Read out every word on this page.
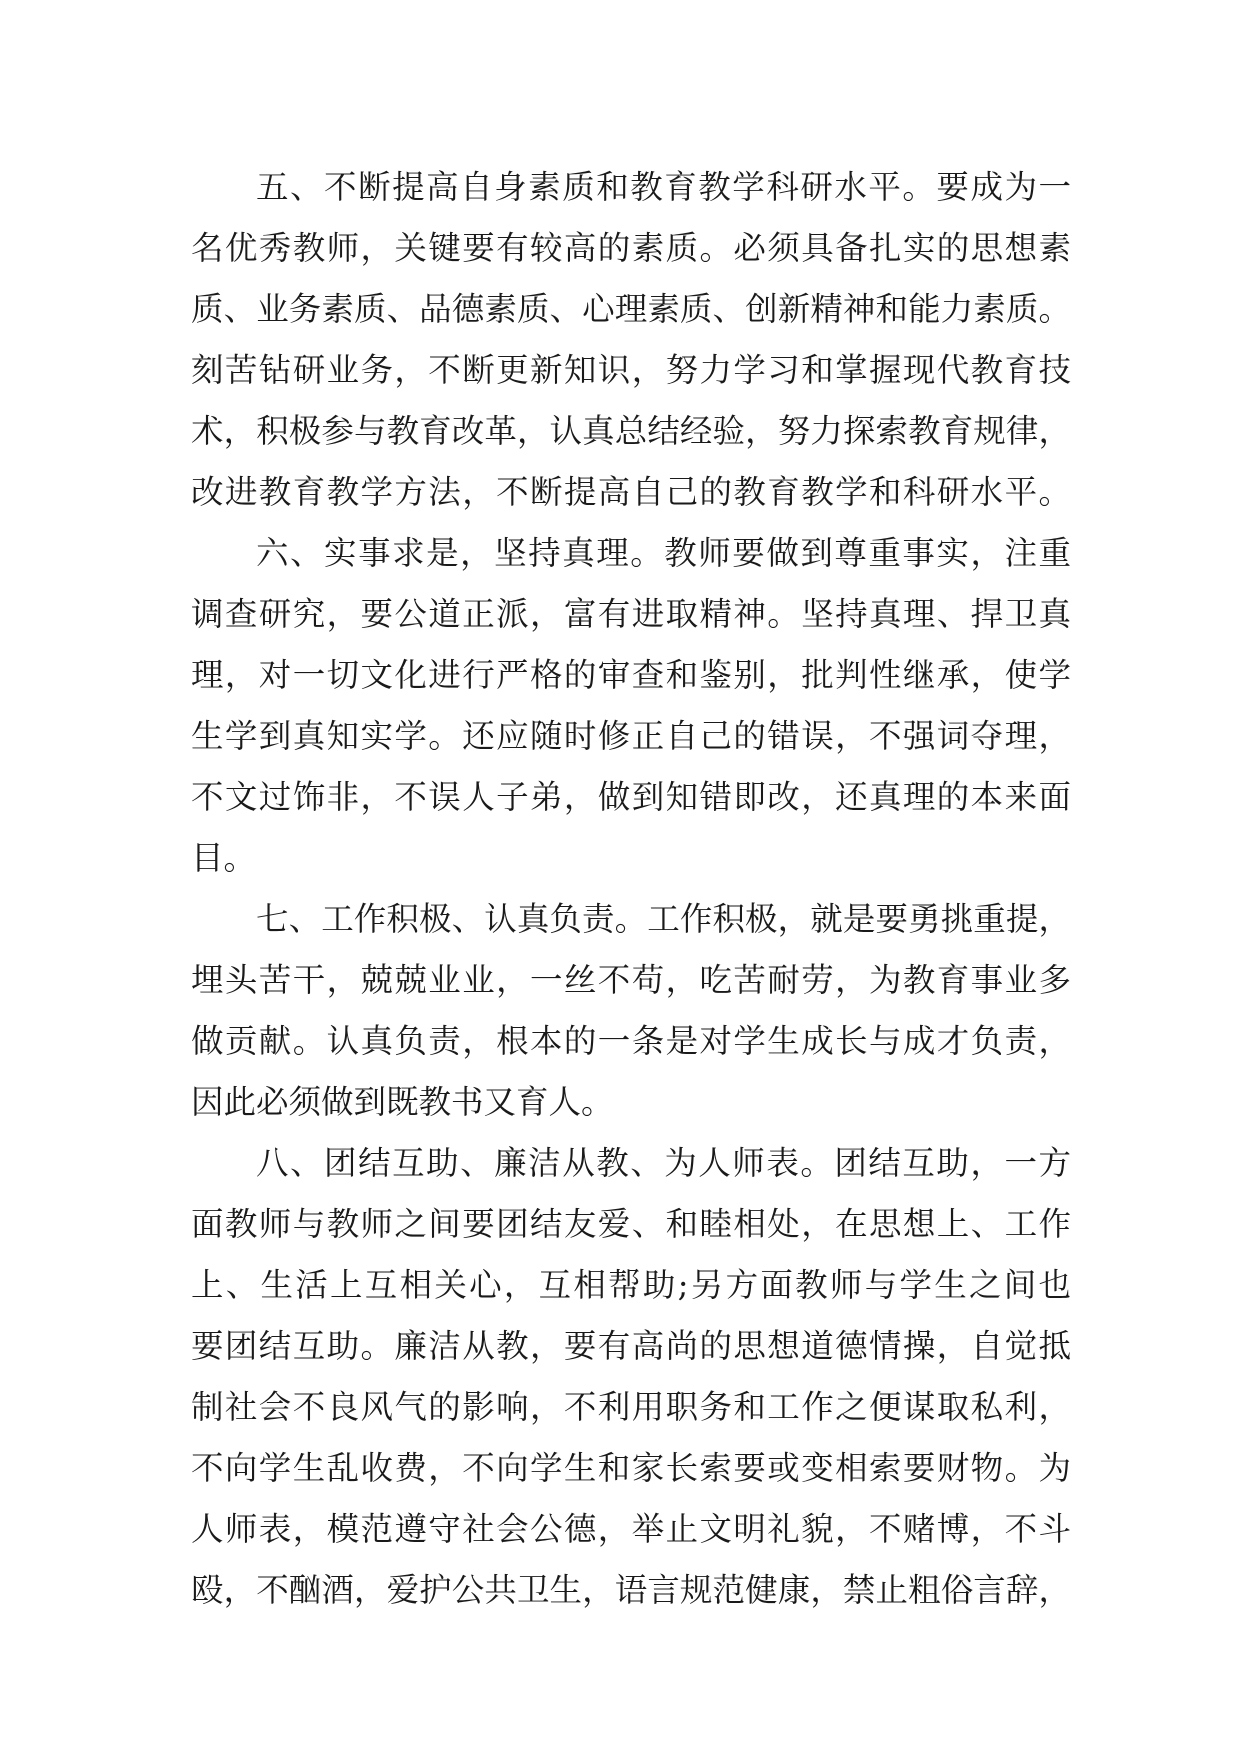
五、不断提高自身素质和教育教学科研水平。要成为一
名优秀教师，关键要有较高的素质。必须具备扎实的思想素
质、业务素质、品德素质、心理素质、创新精神和能力素质。
刻苦钻研业务，不断更新知识，努力学习和掌握现代教育技
术，积极参与教育改革，认真总结经验，努力探索教育规律，
改进教育教学方法，不断提高自己的教育教学和科研水平。
六、实事求是，坚持真理。教师要做到尊重事实，注重
调查研究，要公道正派，富有进取精神。坚持真理、捍卫真
理，对一切文化进行严格的审查和鉴别，批判性继承，使学
生学到真知实学。还应随时修正自己的错误，不强词夺理，
不文过饰非，不误人子弟，做到知错即改，还真理的本来面
目。
七、工作积极、认真负责。工作积极，就是要勇挑重提，
埋头苦干，兢兢业业，一丝不苟，吃苦耐劳，为教育事业多
做贡献。认真负责，根本的一条是对学生成长与成才负责，
因此必须做到既教书又育人。
八、团结互助、廉洁从教、为人师表。团结互助，一方
面教师与教师之间要团结友爱、和睦相处，在思想上、工作
上、生活上互相关心，互相帮助;另方面教师与学生之间也
要团结互助。廉洁从教，要有高尚的思想道德情操，自觉抵
制社会不良风气的影响，不利用职务和工作之便谋取私利，
不向学生乱收费，不向学生和家长索要或变相索要财物。为
人师表，模范遵守社会公德，举止文明礼貌，不赌博，不斗
殴，不酗酒，爱护公共卫生，语言规范健康，禁止粗俗言辞，
